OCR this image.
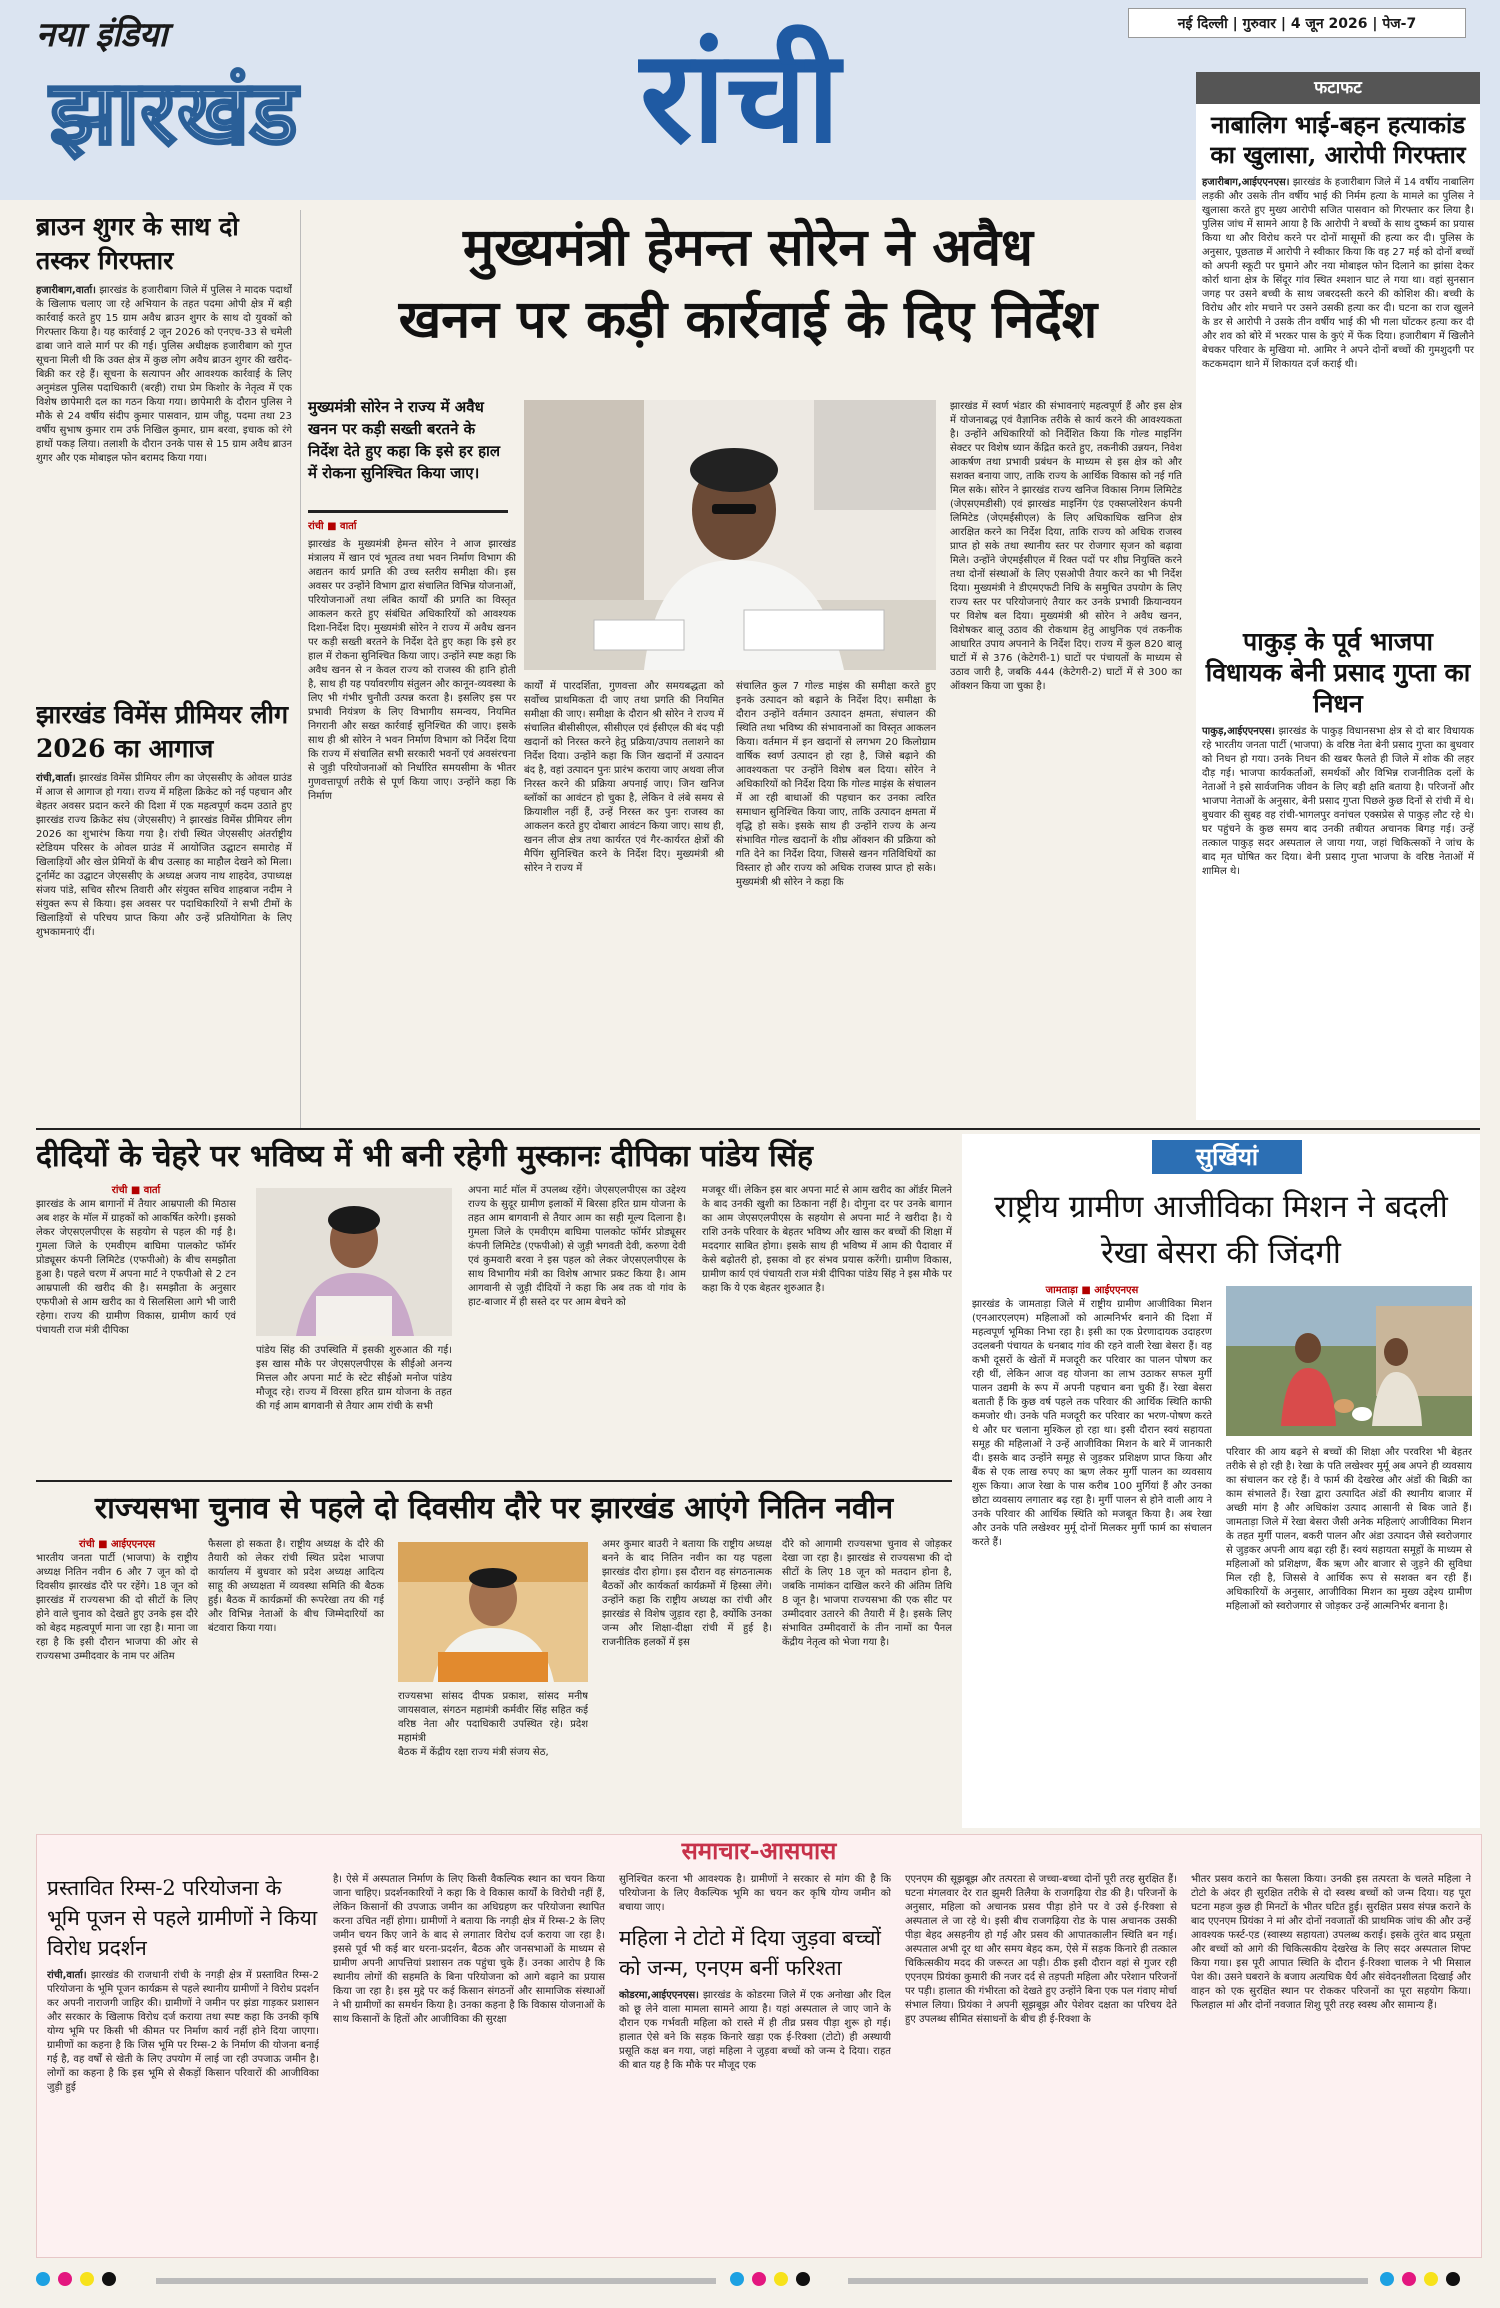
नया इंडिया
झारखंड	रांची	नई दिल्ली | गुरुवार | 4 जून 2026 | पेज-7
फटाफट
नाबालिग भाई-बहन हत्याकांड का खुलासा, आरोपी गिरफ्तार
हजारीबाग,आईएएनएस। झारखंड के हजारीबाग जिले में 14 वर्षीय नाबालिग लड़की और उसके तीन वर्षीय भाई की निर्मम हत्या के मामले का पुलिस ने खुलासा करते हुए मुख्य आरोपी सजित पासवान को गिरफ्तार कर लिया है। पुलिस जांच में सामने आया है कि आरोपी ने बच्चों के साथ दुष्कर्म का प्रयास किया था और विरोध करने पर दोनों मासूमों की हत्या कर दी। पुलिस के अनुसार, पूछताछ में आरोपी ने स्वीकार किया कि वह 27 मई को दोनों बच्चों को अपनी स्कूटी पर घुमाने और नया मोबाइल फोन दिलाने का झांसा देकर कोर्रा थाना क्षेत्र के सिंदूर गांव स्थित श्मशान घाट ले गया था। वहां सुनसान जगह पर उसने बच्ची के साथ जबरदस्ती करने की कोशिश की। बच्ची के विरोध और शोर मचाने पर उसने उसकी हत्या कर दी। घटना का राज खुलने के डर से आरोपी ने उसके तीन वर्षीय भाई की भी गला घोंटकर हत्या कर दी और शव को बोरे में भरकर पास के कुएं में फेंक दिया। हजारीबाग में खिलौने बेचकर परिवार के मुखिया मो. आमिर ने अपने दोनों बच्चों की गुमशुदगी पर कटकमदाग थाने में शिकायत दर्ज कराई थी।
पाकुड़ के पूर्व भाजपा विधायक बेनी प्रसाद गुप्ता का निधन
पाकुड़,आईएएनएस। झारखंड के पाकुड़ विधानसभा क्षेत्र से दो बार विधायक रहे भारतीय जनता पार्टी (भाजपा) के वरिष्ठ नेता बेनी प्रसाद गुप्ता का बुधवार को निधन हो गया। उनके निधन की खबर फैलते ही जिले में शोक की लहर दौड़ गई। भाजपा कार्यकर्ताओं, समर्थकों और विभिन्न राजनीतिक दलों के नेताओं ने इसे सार्वजनिक जीवन के लिए बड़ी क्षति बताया है। परिजनों और भाजपा नेताओं के अनुसार, बेनी प्रसाद गुप्ता पिछले कुछ दिनों से रांची में थे। बुधवार की सुबह वह रांची-भागलपुर वनांचल एक्सप्रेस से पाकुड़ लौट रहे थे। घर पहुंचने के कुछ समय बाद उनकी तबीयत अचानक बिगड़ गई। उन्हें तत्काल पाकुड़ सदर अस्पताल ले जाया गया, जहां चिकित्सकों ने जांच के बाद मृत घोषित कर दिया। बेनी प्रसाद गुप्ता भाजपा के वरिष्ठ नेताओं में शामिल थे।
ब्राउन शुगर के साथ दो तस्कर गिरफ्तार
हजारीबाग,वार्ता। झारखंड के हजारीबाग जिले में पुलिस ने मादक पदार्थों के खिलाफ चलाए जा रहे अभियान के तहत पदमा ओपी क्षेत्र में बड़ी कार्रवाई करते हुए 15 ग्राम अवैध ब्राउन शुगर के साथ दो युवकों को गिरफ्तार किया है। यह कार्रवाई 2 जून 2026 को एनएच-33 से चमेली ढाबा जाने वाले मार्ग पर की गई। पुलिस अधीक्षक हजारीबाग को गुप्त सूचना मिली थी कि उक्त क्षेत्र में कुछ लोग अवैध ब्राउन शुगर की खरीद-बिक्री कर रहे हैं। सूचना के सत्यापन और आवश्यक कार्रवाई के लिए अनुमंडल पुलिस पदाधिकारी (बरही) राधा प्रेम किशोर के नेतृत्व में एक विशेष छापेमारी दल का गठन किया गया। छापेमारी के दौरान पुलिस ने मौके से 24 वर्षीय संदीप कुमार पासवान, ग्राम जीहू, पदमा तथा 23 वर्षीय सुभाष कुमार राम उर्फ निखिल कुमार, ग्राम बरवा, इचाक को रंगे हाथों पकड़ लिया। तलाशी के दौरान उनके पास से 15 ग्राम अवैध ब्राउन शुगर और एक मोबाइल फोन बरामद किया गया।
झारखंड विमेंस प्रीमियर लीग 2026 का आगाज
रांची,वार्ता। झारखंड विमेंस प्रीमियर लीग का जेएससीए के ओवल ग्राउंड में आज से आगाज हो गया। राज्य में महिला क्रिकेट को नई पहचान और बेहतर अवसर प्रदान करने की दिशा में एक महत्वपूर्ण कदम उठाते हुए झारखंड राज्य क्रिकेट संघ (जेएससीए) ने झारखंड विमेंस प्रीमियर लीग 2026 का शुभारंभ किया गया है। रांची स्थित जेएससीए अंतर्राष्ट्रीय स्टेडियम परिसर के ओवल ग्राउंड में आयोजित उद्घाटन समारोह में खिलाड़ियों और खेल प्रेमियों के बीच उत्साह का माहौल देखने को मिला। टूर्नामेंट का उद्घाटन जेएससीए के अध्यक्ष अजय नाथ शाहदेव, उपाध्यक्ष संजय पांडे, सचिव सौरभ तिवारी और संयुक्त सचिव शाहबाज नदीम ने संयुक्त रूप से किया। इस अवसर पर पदाधिकारियों ने सभी टीमों के खिलाड़ियों से परिचय प्राप्त किया और उन्हें प्रतियोगिता के लिए शुभकामनाएं दीं।
मुख्यमंत्री हेमन्त सोरेन ने अवैध
खनन पर कड़ी कार्रवाई के दिए निर्देश
मुख्यमंत्री सोरेन ने राज्य में अवैध खनन पर कड़ी सख्ती बरतने के निर्देश देते हुए कहा कि इसे हर हाल में रोकना सुनिश्चित किया जाए।
रांची ■ वार्ता
झारखंड के मुख्यमंत्री हेमन्त सोरेन ने आज झारखंड मंत्रालय में खान एवं भूतत्व तथा भवन निर्माण विभाग की अद्यतन कार्य प्रगति की उच्च स्तरीय समीक्षा की। इस अवसर पर उन्होंने विभाग द्वारा संचालित विभिन्न योजनाओं, परियोजनाओं तथा लंबित कार्यों की प्रगति का विस्तृत आकलन करते हुए संबंधित अधिकारियों को आवश्यक दिशा-निर्देश दिए। मुख्यमंत्री सोरेन ने राज्य में अवैध खनन पर कड़ी सख्ती बरतने के निर्देश देते हुए कहा कि इसे हर हाल में रोकना सुनिश्चित किया जाए। उन्होंने स्पष्ट कहा कि अवैध खनन से न केवल राज्य को राजस्व की हानि होती है, साथ ही यह पर्यावरणीय संतुलन और कानून-व्यवस्था के लिए भी गंभीर चुनौती उत्पन्न करता है। इसलिए इस पर प्रभावी नियंत्रण के लिए विभागीय समन्वय, नियमित निगरानी और सख्त कार्रवाई सुनिश्चित की जाए। इसके साथ ही श्री सोरेन ने भवन निर्माण विभाग को निर्देश दिया कि राज्य में संचालित सभी सरकारी भवनों एवं अवसंरचना से जुड़ी परियोजनाओं को निर्धारित समयसीमा के भीतर गुणवत्तापूर्ण तरीके से पूर्ण किया जाए। उन्होंने कहा कि निर्माण
कार्यों में पारदर्शिता, गुणवत्ता और समयबद्धता को सर्वोच्च प्राथमिकता दी जाए तथा प्रगति की नियमित समीक्षा की जाए। समीक्षा के दौरान श्री सोरेन ने राज्य में संचालित बीसीसीएल, सीसीएल एवं ईसीएल की बंद पड़ी खदानों को निरस्त करने हेतु प्रक्रिया/उपाय तलाशने का निर्देश दिया। उन्होंने कहा कि जिन खदानों में उत्पादन बंद है, वहां उत्पादन पुनः प्रारंभ कराया जाए अथवा लीज निरस्त करने की प्रक्रिया अपनाई जाए। जिन खनिज ब्लॉकों का आवंटन हो चुका है, लेकिन वे लंबे समय से क्रियाशील नहीं हैं, उन्हें निरस्त कर पुनः राजस्व का आकलन करते हुए दोबारा आवंटन किया जाए। साथ ही, खनन लीज क्षेत्र तथा कार्यरत एवं गैर-कार्यरत क्षेत्रों की मैपिंग सुनिश्चित करने के निर्देश दिए। मुख्यमंत्री श्री सोरेन ने राज्य में
संचालित कुल 7 गोल्ड माइंस की समीक्षा करते हुए इनके उत्पादन को बढ़ाने के निर्देश दिए। समीक्षा के दौरान उन्होंने वर्तमान उत्पादन क्षमता, संचालन की स्थिति तथा भविष्य की संभावनाओं का विस्तृत आकलन किया। वर्तमान में इन खदानों से लगभग 20 किलोग्राम वार्षिक स्वर्ण उत्पादन हो रहा है, जिसे बढ़ाने की आवश्यकता पर उन्होंने विशेष बल दिया। सोरेन ने अधिकारियों को निर्देश दिया कि गोल्ड माइंस के संचालन में आ रही बाधाओं की पहचान कर उनका त्वरित समाधान सुनिश्चित किया जाए, ताकि उत्पादन क्षमता में वृद्धि हो सके। इसके साथ ही उन्होंने राज्य के अन्य संभावित गोल्ड खदानों के शीघ्र ऑक्शन की प्रक्रिया को गति देने का निर्देश दिया, जिससे खनन गतिविधियों का विस्तार हो और राज्य को अधिक राजस्व प्राप्त हो सके। मुख्यमंत्री श्री सोरेन ने कहा कि
झारखंड में स्वर्ण भंडार की संभावनाएं महत्वपूर्ण हैं और इस क्षेत्र में योजनाबद्ध एवं वैज्ञानिक तरीके से कार्य करने की आवश्यकता है। उन्होंने अधिकारियों को निर्देशित किया कि गोल्ड माइनिंग सेक्टर पर विशेष ध्यान केंद्रित करते हुए, तकनीकी उन्नयन, निवेश आकर्षण तथा प्रभावी प्रबंधन के माध्यम से इस क्षेत्र को और सशक्त बनाया जाए, ताकि राज्य के आर्थिक विकास को नई गति मिल सके। सोरेन ने झारखंड राज्य खनिज विकास निगम लिमिटेड (जेएसएमडीसी) एवं झारखंड माइनिंग एंड एक्सप्लोरेशन कंपनी लिमिटेड (जेएमईसीएल) के लिए अधिकाधिक खनिज क्षेत्र आरक्षित करने का निर्देश दिया, ताकि राज्य को अधिक राजस्व प्राप्त हो सके तथा स्थानीय स्तर पर रोजगार सृजन को बढ़ावा मिले। उन्होंने जेएमईसीएल में रिक्त पदों पर शीघ्र नियुक्ति करने तथा दोनों संस्थाओं के लिए एसओपी तैयार करने का भी निर्देश दिया। मुख्यमंत्री ने डीएमएफटी निधि के समुचित उपयोग के लिए राज्य स्तर पर परियोजनाएं तैयार कर उनके प्रभावी क्रियान्वयन पर विशेष बल दिया। मुख्यमंत्री श्री सोरेन ने अवैध खनन, विशेषकर बालू उठाव की रोकथाम हेतु आधुनिक एवं तकनीक आधारित उपाय अपनाने के निर्देश दिए। राज्य में कुल 820 बालू घाटों में से 376 (केटेगरी-1) घाटों पर पंचायतों के माध्यम से उठाव जारी है, जबकि 444 (केटेगरी-2) घाटों में से 300 का ऑक्शन किया जा चुका है।
दीदियों के चेहरे पर भविष्य में भी बनी रहेगी मुस्कानः दीपिका पांडेय सिंह
रांची ■ वार्ता
झारखंड के आम बागानों में तैयार आम्रपाली की मिठास अब शहर के मॉल में ग्राहकों को आकर्षित करेगी। इसको लेकर जेएसएलपीएस के सहयोग से पहल की गई है। गुमला जिले के एमवीएम बाघिमा पालकोट फॉर्मर प्रोड्यूसर कंपनी लिमिटेड (एफपीओ) के बीच समझौता हुआ है। पहले चरण में अपना मार्ट ने एफपीओ से 2 टन आम्रपाली की खरीद की है। समझौता के अनुसार एफपीओ से आम खरीद का ये सिलसिला आगे भी जारी रहेगा। राज्य की ग्रामीण विकास, ग्रामीण कार्य एवं पंचायती राज मंत्री दीपिका
पांडेय सिंह की उपस्थिति में इसकी शुरुआत की गई। इस खास मौके पर जेएसएलपीएस के सीईओ अनन्य मित्तल और अपना मार्ट के स्टेट सीईओ मनोज पांडेय मौजूद रहे। राज्य में विरसा हरित ग्राम योजना के तहत की गई आम बागवानी से तैयार आम रांची के सभी
अपना मार्ट मॉल में उपलब्ध रहेंगे। जेएसएलपीएस का उद्देश्य राज्य के सुदूर ग्रामीण इलाकों में बिरसा हरित ग्राम योजना के तहत आम बागवानी से तैयार आम का सही मूल्य दिलाना है। गुमला जिले के एमवीएम बाघिमा पालकोट फॉर्मर प्रोड्यूसर कंपनी लिमिटेड (एफपीओ) से जुड़ी भगवती देवी, करुणा देवी एवं कुमवारी बरवा ने इस पहल को लेकर जेएसएलपीएस के साथ विभागीय मंत्री का विशेष आभार प्रकट किया है। आम आगवानी से जुड़ी दीदियों ने कहा कि अब तक वो गांव के हाट-बाजार में ही सस्ते दर पर आम बेचने को
मजबूर थीं। लेकिन इस बार अपना मार्ट से आम खरीद का ऑर्डर मिलने के बाद उनकी खुशी का ठिकाना नहीं है। दोगुना दर पर उनके बागान का आम जेएसएलपीएस के सहयोग से अपना मार्ट ने खरीदा है। ये राशि उनके परिवार के बेहतर भविष्य और खास कर बच्चों की शिक्षा में मददगार साबित होगा। इसके साथ ही भविष्य में आम की पैदावार में केसे बढ़ोतरी हो, इसका वो हर संभव प्रयास करेंगी। ग्रामीण विकास, ग्रामीण कार्य एवं पंचायती राज मंत्री दीपिका पांडेय सिंह ने इस मौके पर कहा कि ये एक बेहतर शुरुआत है।
राज्यसभा चुनाव से पहले दो दिवसीय दौरे पर झारखंड आएंगे नितिन नवीन
रांची ■ आईएएनएस
भारतीय जनता पार्टी (भाजपा) के राष्ट्रीय अध्यक्ष नितिन नवीन 6 और 7 जून को दो दिवसीय झारखंड दौरे पर रहेंगे। 18 जून को झारखंड में राज्यसभा की दो सीटों के लिए होने वाले चुनाव को देखते हुए उनके इस दौरे को बेहद महत्वपूर्ण माना जा रहा है। माना जा रहा है कि इसी दौरान भाजपा की ओर से राज्यसभा उम्मीदवार के नाम पर अंतिम
फैसला हो सकता है। राष्ट्रीय अध्यक्ष के दौरे की तैयारी को लेकर रांची स्थित प्रदेश भाजपा कार्यालय में बुधवार को प्रदेश अध्यक्ष आदित्य साहू की अध्यक्षता में व्यवस्था समिति की बैठक हुई। बैठक में कार्यक्रमों की रूपरेखा तय की गई और विभिन्न नेताओं के बीच जिम्मेदारियों का बंटवारा किया गया।
राज्यसभा सांसद दीपक प्रकाश, सांसद मनीष जायसवाल, संगठन महामंत्री कर्मवीर सिंह सहित कई वरिष्ठ नेता और पदाधिकारी उपस्थित रहे। प्रदेश महामंत्री
बैठक में केंद्रीय रक्षा राज्य मंत्री संजय सेठ,
अमर कुमार बाउरी ने बताया कि राष्ट्रीय अध्यक्ष बनने के बाद नितिन नवीन का यह पहला झारखंड दौरा होगा। इस दौरान वह संगठनात्मक बैठकों और कार्यकर्ता कार्यक्रमों में हिस्सा लेंगे। उन्होंने कहा कि राष्ट्रीय अध्यक्ष का रांची और झारखंड से विशेष जुड़ाव रहा है, क्योंकि उनका जन्म और शिक्षा-दीक्षा रांची में हुई है। राजनीतिक हलकों में इस
दौरे को आगामी राज्यसभा चुनाव से जोड़कर देखा जा रहा है। झारखंड से राज्यसभा की दो सीटों के लिए 18 जून को मतदान होना है, जबकि नामांकन दाखिल करने की अंतिम तिथि 8 जून है। भाजपा राज्यसभा की एक सीट पर उम्मीदवार उतारने की तैयारी में है। इसके लिए संभावित उम्मीदवारों के तीन नामों का पैनल केंद्रीय नेतृत्व को भेजा गया है।
सुर्खियां
राष्ट्रीय ग्रामीण आजीविका मिशन ने बदली रेखा बेसरा की जिंदगी
जामताड़ा ■ आईएएनएस
झारखंड के जामताड़ा जिले में राष्ट्रीय ग्रामीण आजीविका मिशन (एनआरएलएम) महिलाओं को आत्मनिर्भर बनाने की दिशा में महत्वपूर्ण भूमिका निभा रहा है। इसी का एक प्रेरणादायक उदाहरण उदलबनी पंचायत के धनबाद गांव की रहने वाली रेखा बेसरा हैं। वह कभी दूसरों के खेतों में मजदूरी कर परिवार का पालन पोषण कर रही थीं, लेकिन आज वह योजना का लाभ उठाकर सफल मुर्गी पालन उद्यमी के रूप में अपनी पहचान बना चुकी हैं। रेखा बेसरा बताती हैं कि कुछ वर्ष पहले तक परिवार की आर्थिक स्थिति काफी कमजोर थी। उनके पति मजदूरी कर परिवार का भरण-पोषण करते थे और घर चलाना मुश्किल हो रहा था। इसी दौरान स्वयं सहायता समूह की महिलाओं ने उन्हें आजीविका मिशन के बारे में जानकारी दी। इसके बाद उन्होंने समूह से जुड़कर प्रशिक्षण प्राप्त किया और बैंक से एक लाख रुपए का ऋण लेकर मुर्गी पालन का व्यवसाय शुरू किया। आज रेखा के पास करीब 100 मुर्गियां हैं और उनका छोटा व्यवसाय लगातार बढ़ रहा है। मुर्गी पालन से होने वाली आय ने उनके परिवार की आर्थिक स्थिति को मजबूत किया है। अब रेखा और उनके पति लखेश्वर मुर्मू दोनों मिलकर मुर्गी फार्म का संचालन करते हैं।
परिवार की आय बढ़ने से बच्चों की शिक्षा और परवरिश भी बेहतर तरीके से हो रही है। रेखा के पति लखेश्वर मुर्मू अब अपने ही व्यवसाय का संचालन कर रहे हैं। वे फार्म की देखरेख और अंडों की बिक्री का काम संभालते हैं। रेखा द्वारा उत्पादित अंडों की स्थानीय बाजार में अच्छी मांग है और अधिकांश उत्पाद आसानी से बिक जाते हैं। जामताड़ा जिले में रेखा बेसरा जैसी अनेक महिलाएं आजीविका मिशन के तहत मुर्गी पालन, बकरी पालन और अंडा उत्पादन जैसे स्वरोजगार से जुड़कर अपनी आय बढ़ा रही हैं। स्वयं सहायता समूहों के माध्यम से महिलाओं को प्रशिक्षण, बैंक ऋण और बाजार से जुड़ने की सुविधा मिल रही है, जिससे वे आर्थिक रूप से सशक्त बन रही हैं। अधिकारियों के अनुसार, आजीविका मिशन का मुख्य उद्देश्य ग्रामीण महिलाओं को स्वरोजगार से जोड़कर उन्हें आत्मनिर्भर बनाना है।
समाचार-आसपास
प्रस्तावित रिम्स-2 परियोजना के भूमि पूजन से पहले ग्रामीणों ने किया विरोध प्रदर्शन
रांची,वार्ता। झारखंड की राजधानी रांची के नगड़ी क्षेत्र में प्रस्तावित रिम्स-2 परियोजना के भूमि पूजन कार्यक्रम से पहले स्थानीय ग्रामीणों ने विरोध प्रदर्शन कर अपनी नाराजगी जाहिर की। ग्रामीणों ने जमीन पर झंडा गाड़कर प्रशासन और सरकार के खिलाफ विरोध दर्ज कराया तथा स्पष्ट कहा कि उनकी कृषि योग्य भूमि पर किसी भी कीमत पर निर्माण कार्य नहीं होने दिया जाएगा। ग्रामीणों का कहना है कि जिस भूमि पर रिम्स-2 के निर्माण की योजना बनाई गई है, वह वर्षों से खेती के लिए उपयोग में लाई जा रही उपजाऊ जमीन है। लोगों का कहना है कि इस भूमि से सैकड़ों किसान परिवारों की आजीविका जुड़ी हुई
है। ऐसे में अस्पताल निर्माण के लिए किसी वैकल्पिक स्थान का चयन किया जाना चाहिए। प्रदर्शनकारियों ने कहा कि वे विकास कार्यों के विरोधी नहीं हैं, लेकिन किसानों की उपजाऊ जमीन का अधिग्रहण कर परियोजना स्थापित करना उचित नहीं होगा। ग्रामीणों ने बताया कि नगड़ी क्षेत्र में रिम्स-2 के लिए जमीन चयन किए जाने के बाद से लगातार विरोध दर्ज कराया जा रहा है। इससे पूर्व भी कई बार धरना-प्रदर्शन, बैठक और जनसभाओं के माध्यम से ग्रामीण अपनी आपत्तियां प्रशासन तक पहुंचा चुके हैं। उनका आरोप है कि स्थानीय लोगों की सहमति के बिना परियोजना को आगे बढ़ाने का प्रयास किया जा रहा है। इस मुद्दे पर कई किसान संगठनों और सामाजिक संस्थाओं ने भी ग्रामीणों का समर्थन किया है। उनका कहना है कि विकास योजनाओं के साथ किसानों के हितों और आजीविका की सुरक्षा
सुनिश्चित करना भी आवश्यक है। ग्रामीणों ने सरकार से मांग की है कि परियोजना के लिए वैकल्पिक भूमि का चयन कर कृषि योग्य जमीन को बचाया जाए।
महिला ने टोटो में दिया जुड़वा बच्चों को जन्म, एनएम बनीं फरिश्ता
कोडरमा,आईएएनएस। झारखंड के कोडरमा जिले में एक अनोखा और दिल को छू लेने वाला मामला सामने आया है। यहां अस्पताल ले जाए जाने के दौरान एक गर्भवती महिला को रास्ते में ही तीव्र प्रसव पीड़ा शुरू हो गई। हालात ऐसे बने कि सड़क किनारे खड़ा एक ई-रिक्शा (टोटो) ही अस्थायी प्रसूति कक्ष बन गया, जहां महिला ने जुड़वा बच्चों को जन्म दे दिया। राहत की बात यह है कि मौके पर मौजूद एक
एएनएम की सूझबूझ और तत्परता से जच्चा-बच्चा दोनों पूरी तरह सुरक्षित हैं। घटना मंगलवार देर रात झुमरी तिलैया के राजगढ़िया रोड की है। परिजनों के अनुसार, महिला को अचानक प्रसव पीड़ा होने पर वे उसे ई-रिक्शा से अस्पताल ले जा रहे थे। इसी बीच राजगढ़िया रोड के पास अचानक उसकी पीड़ा बेहद असहनीय हो गई और प्रसव की आपातकालीन स्थिति बन गई। अस्पताल अभी दूर था और समय बेहद कम, ऐसे में सड़क किनारे ही तत्काल चिकित्सकीय मदद की जरूरत आ पड़ी। ठीक इसी दौरान वहां से गुजर रही एएनएम प्रियंका कुमारी की नजर दर्द से तड़पती महिला और परेशान परिजनों पर पड़ी। हालात की गंभीरता को देखते हुए उन्होंने बिना एक पल गंवाए मोर्चा संभाल लिया। प्रियंका ने अपनी सूझबूझ और पेशेवर दक्षता का परिचय देते हुए उपलब्ध सीमित संसाधनों के बीच ही ई-रिक्शा के
भीतर प्रसव कराने का फैसला किया। उनकी इस तत्परता के चलते महिला ने टोटो के अंदर ही सुरक्षित तरीके से दो स्वस्थ बच्चों को जन्म दिया। यह पूरा घटना महज कुछ ही मिनटों के भीतर घटित हुई। सुरक्षित प्रसव संपन्न कराने के बाद एएनएम प्रियंका ने मां और दोनों नवजातों की प्राथमिक जांच की और उन्हें आवश्यक फर्स्ट-एड (स्वास्थ्य सहायता) उपलब्ध कराई। इसके तुरंत बाद प्रसूता और बच्चों को आगे की चिकित्सकीय देखरेख के लिए सदर अस्पताल शिफ्ट किया गया। इस पूरी आपात स्थिति के दौरान ई-रिक्शा चालक ने भी मिसाल पेश की। उसने घबराने के बजाय अत्यधिक धैर्य और संवेदनशीलता दिखाई और वाहन को एक सुरक्षित स्थान पर रोककर परिजनों का पूरा सहयोग किया। फिलहाल मां और दोनों नवजात शिशु पूरी तरह स्वस्थ और सामान्य हैं।
